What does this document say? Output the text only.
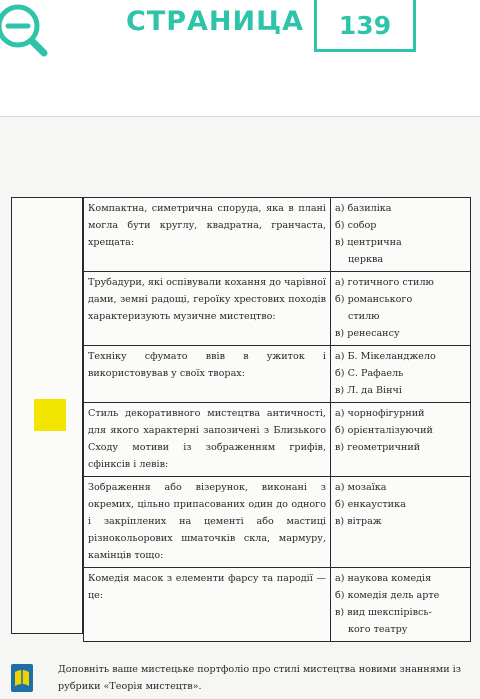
СТРАНИЦА	139
Компактна, симетрична споруда, яка в плані могла бути круглу, квадратна, гранчаста, хрещата:	а) базиліка
б) собор
в) центрична
церква

Трубадури, які оспівували кохання до чарівної дами, земні радощі, героїку хрестових походів характеризують музичне мистецтво:	а) готичного стилю
б) романського
стилю
в) ренесансу

Техніку сфумато ввів в ужиток і використовував у своїх творах:	а) Б. Мікеланджело
б) С. Рафаель
в) Л. да Вінчі

Стиль декоративного мистецтва античності, для якого характерні запозичені з Близького Сходу мотиви із зображенням грифів, сфінксів і левів:	а) чорнофігурний
б) орієнталізуючий
в) геометричний

Зображення або візерунок, виконані з окремих, цільно припасованих один до одного і закріплених на цементі або мастиці різнокольорових шматочків скла, мармуру, камінців тощо:	а) мозаїка
б) енкаустика
в) вітраж

Комедія масок з елементи фарсу та пародії — це:	а) наукова комедія
б) комедія дель арте
в) вид шекспірівсь-
кого театру
Доповніть ваше мистецьке портфоліо про стилі мистецтва новими знаннями із рубрики «Теорія мистецтв».
